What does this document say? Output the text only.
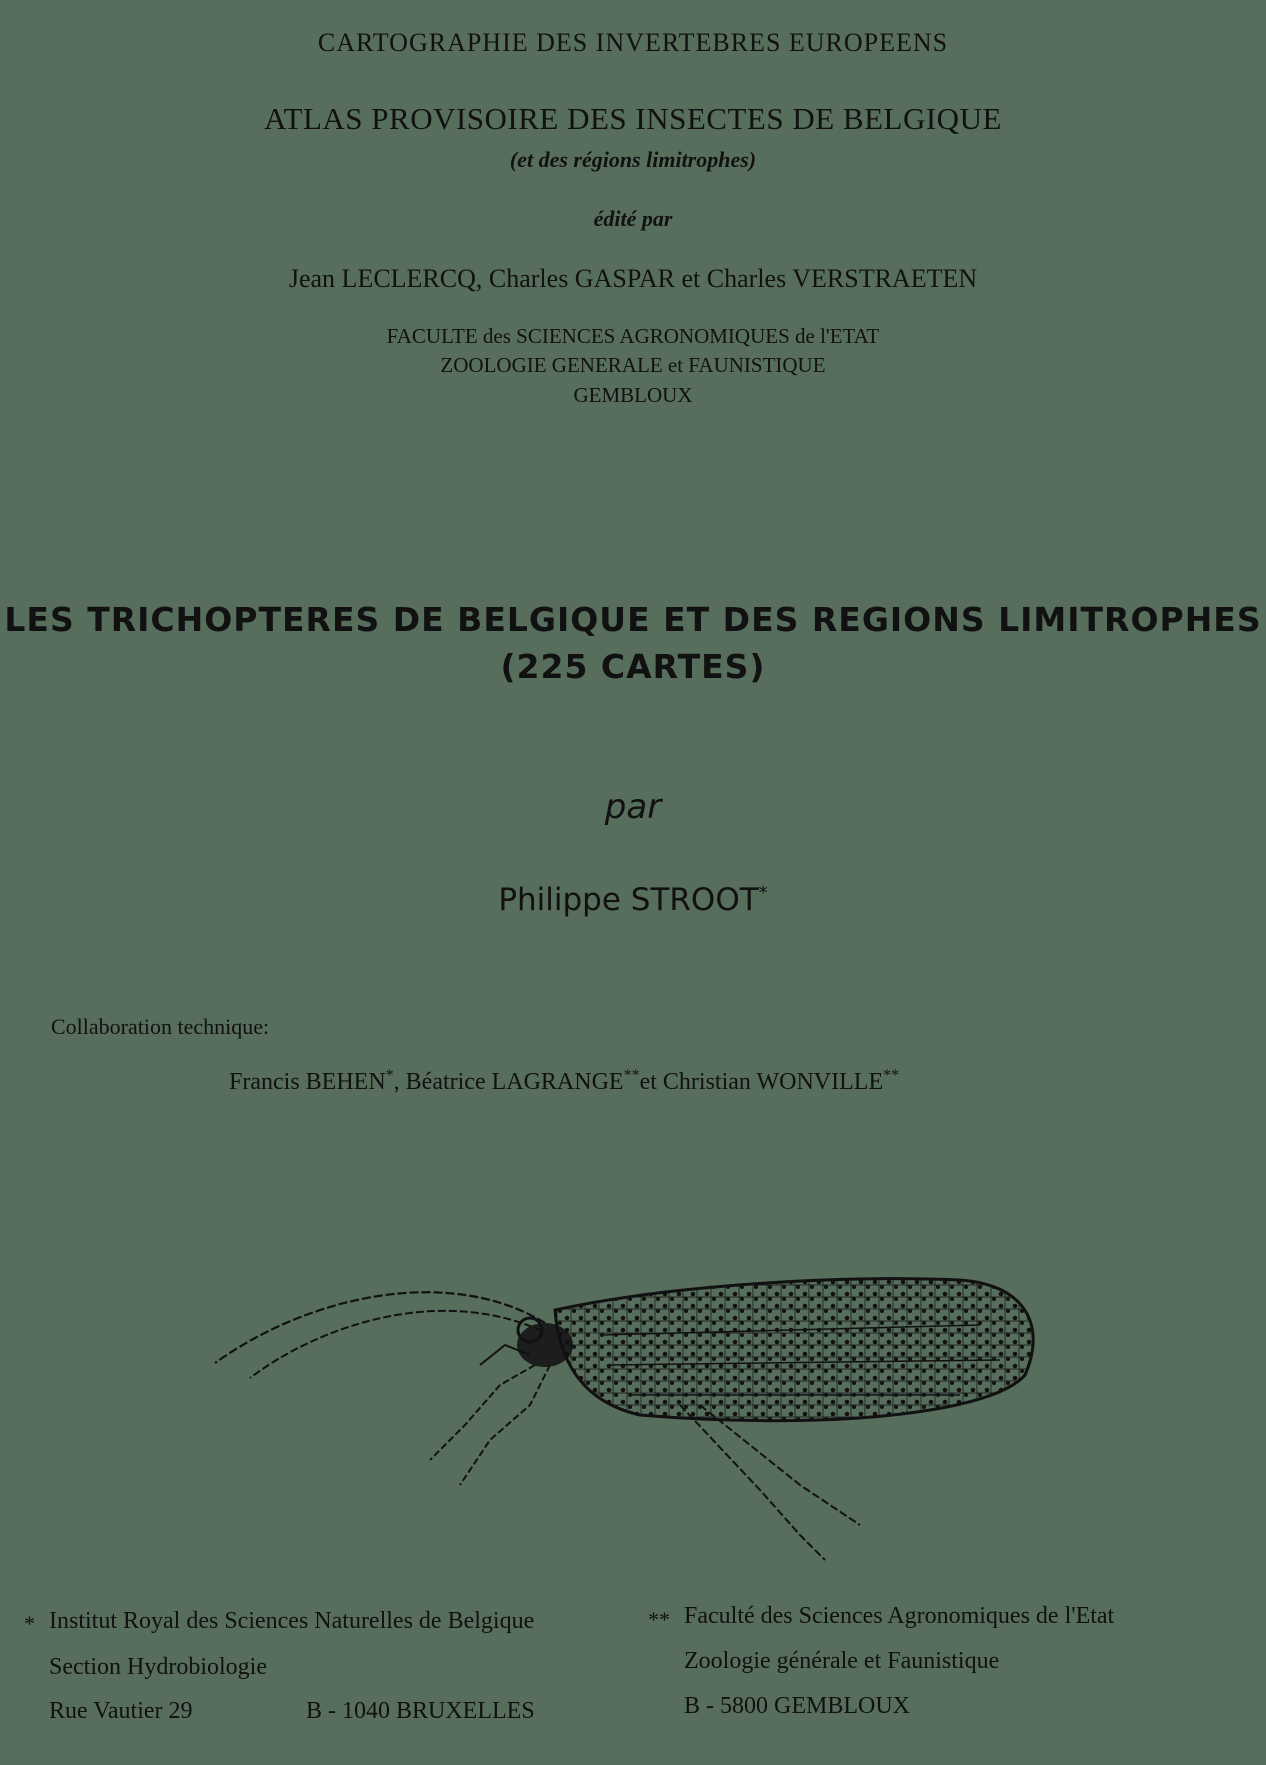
CARTOGRAPHIE DES INVERTEBRES EUROPEENS
ATLAS PROVISOIRE DES INSECTES DE BELGIQUE
(et des régions limitrophes)
édité par
Jean LECLERCQ, Charles GASPAR et Charles VERSTRAETEN
FACULTE des SCIENCES AGRONOMIQUES de l'ETAT
ZOOLOGIE GENERALE et FAUNISTIQUE
GEMBLOUX
LES TRICHOPTERES DE BELGIQUE ET DES REGIONS LIMITROPHES
(225 CARTES)
par
Philippe STROOT*
Collaboration technique:
Francis BEHEN*, Béatrice LAGRANGE**et Christian WONVILLE**
* Institut Royal des Sciences Naturelles de Belgique
Section Hydrobiologie
Rue Vautier 29	B - 1040 BRUXELLES
** Faculté des Sciences Agronomiques de l'Etat
Zoologie générale et Faunistique
B - 5800 GEMBLOUX
